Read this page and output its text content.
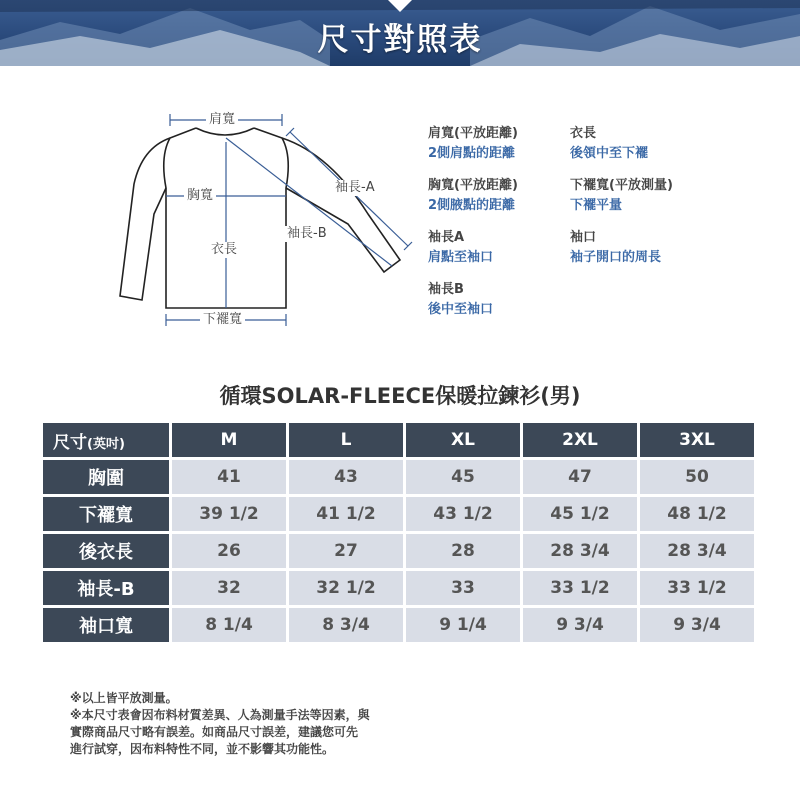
尺寸對照表
肩寬
胸寬
衣長
下襬寬
袖長-A
袖長-B
肩寬(平放距離)
2側肩點的距離
衣長
後領中至下襬
胸寬(平放距離)
2側腋點的距離
下襬寬(平放測量)
下襬平量
袖長A
肩點至袖口
袖口
袖子開口的周長
袖長B
後中至袖口
循環SOLAR-FLEECE保暖拉鍊衫(男)
尺寸(英吋)	M	L	XL	2XL	3XL
胸圍	41	43	45	47	50
下襬寬	39 1/2	41 1/2	43 1/2	45 1/2	48 1/2
後衣長	26	27	28	28 3/4	28 3/4
袖長-B	32	32 1/2	33	33 1/2	33 1/2
袖口寬	8 1/4	8 3/4	9 1/4	9 3/4	9 3/4
※以上皆平放測量。
※本尺寸表會因布料材質差異、人為測量手法等因素，與
實際商品尺寸略有誤差。如商品尺寸誤差，建議您可先
進行試穿，因布料特性不同，並不影響其功能性。
